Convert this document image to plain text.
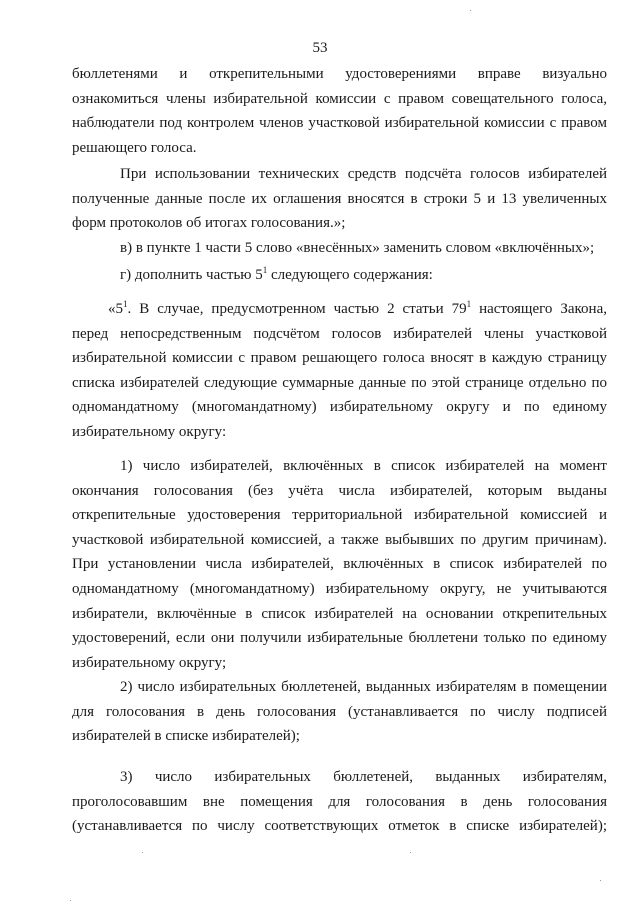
53
бюллетенями и открепительными удостоверениями вправе визуально
ознакомиться члены избирательной комиссии с правом совещательного голоса,
наблюдатели под контролем членов участковой избирательной комиссии с правом
решающего голоса.
При использовании технических средств подсчёта голосов избирателей
полученные данные после их оглашения вносятся в строки 5 и 13 увеличенных
форм протоколов об итогах голосования.»;
в) в пункте 1 части 5 слово «внесённых» заменить словом «включённых»;
г) дополнить частью $5^1$ следующего содержания:
«$5^1$. В случае, предусмотренном частью 2 статьи $79^1$ настоящего Закона,
перед непосредственным подсчётом голосов избирателей члены участковой
избирательной комиссии с правом решающего голоса вносят в каждую страницу
списка избирателей следующие суммарные данные по этой странице отдельно по
одномандатному (многомандатному) избирательному округу и по единому
избирательному округу:
1) число избирателей, включённых в список избирателей на момент
окончания голосования (без учёта числа избирателей, которым выданы
открепительные удостоверения территориальной избирательной комиссией и
участковой избирательной комиссией, а также выбывших по другим причинам).
При установлении числа избирателей, включённых в список избирателей по
одномандатному (многомандатному) избирательному округу, не учитываются
избиратели, включённые в список избирателей на основании открепительных
удостоверений, если они получили избирательные бюллетени только по единому
избирательному округу;
2) число избирательных бюллетеней, выданных избирателям в помещении
для голосования в день голосования (устанавливается по числу подписей
избирателей в списке избирателей);
3) число избирательных бюллетеней, выданных избирателям,
проголосовавшим вне помещения для голосования в день голосования
(устанавливается по числу соответствующих отметок в списке избирателей);
